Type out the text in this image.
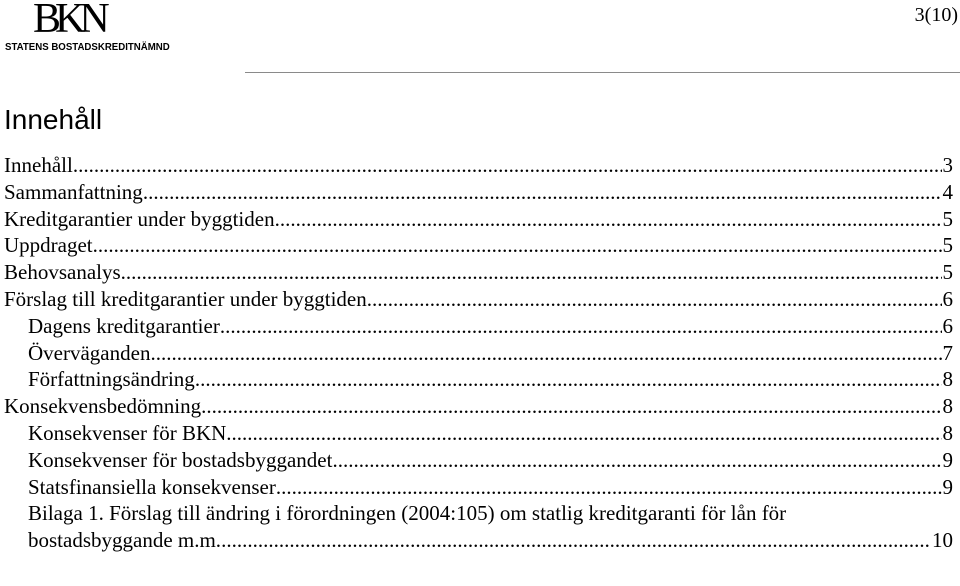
BKN
STATENS BOSTADSKREDITNÄMND
3(10)
Innehåll
Innehåll .....	3
Sammanfattning .....	4
Kreditgarantier under byggtiden .....	5
Uppdraget .....	5
Behovsanalys .....	5
Förslag till kreditgarantier under byggtiden .....	6
Dagens kreditgarantier .....	6
Överväganden .....	7
Författningsändring .....	8
Konsekvensbedömning .....	8
Konsekvenser för BKN .....	8
Konsekvenser för bostadsbyggandet .....	9
Statsfinansiella konsekvenser .....	9
Bilaga 1. Förslag till ändring i förordningen (2004:105) om statlig kreditgaranti för lån för
bostadsbyggande m.m. .....	10
